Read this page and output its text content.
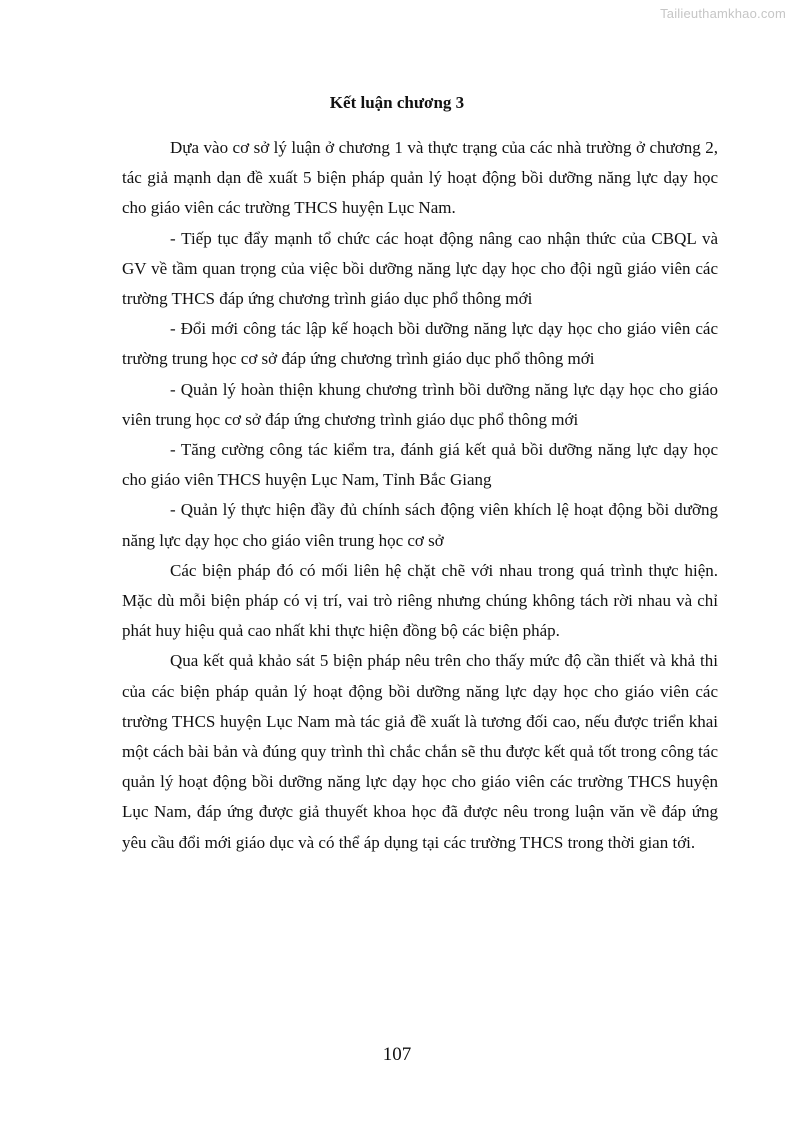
Tailieuthamkhao.com
Kết luận chương 3

Dựa vào cơ sở lý luận ở chương 1 và thực trạng của các nhà trường ở chương 2, tác giả mạnh dạn đề xuất 5 biện pháp quản lý hoạt động bồi dưỡng năng lực dạy học cho giáo viên các trường THCS huyện Lục Nam.

- Tiếp tục đẩy mạnh tổ chức các hoạt động nâng cao nhận thức của CBQL và GV về tầm quan trọng của việc bồi dưỡng năng lực dạy học cho đội ngũ giáo viên các trường THCS đáp ứng chương trình giáo dục phổ thông mới

- Đổi mới công tác lập kế hoạch bồi dưỡng năng lực dạy học cho giáo viên các trường trung học cơ sở đáp ứng chương trình giáo dục phổ thông mới

- Quản lý hoàn thiện khung chương trình bồi dưỡng năng lực dạy học cho giáo viên trung học cơ sở đáp ứng chương trình giáo dục phổ thông mới

- Tăng cường công tác kiểm tra, đánh giá kết quả bồi dưỡng năng lực dạy học cho giáo viên THCS huyện Lục Nam, Tỉnh Bắc Giang

- Quản lý thực hiện đầy đủ chính sách động viên khích lệ hoạt động bồi dưỡng năng lực dạy học cho giáo viên trung học cơ sở

Các biện pháp đó có mối liên hệ chặt chẽ với nhau trong quá trình thực hiện. Mặc dù mỗi biện pháp có vị trí, vai trò riêng nhưng chúng không tách rời nhau và chỉ phát huy hiệu quả cao nhất khi thực hiện đồng bộ các biện pháp.

Qua kết quả khảo sát 5 biện pháp nêu trên cho thấy mức độ cần thiết và khả thi của các biện pháp quản lý hoạt động bồi dưỡng năng lực dạy học cho giáo viên các trường THCS huyện Lục Nam mà tác giả đề xuất là tương đối cao, nếu được triển khai một cách bài bản và đúng quy trình thì chắc chắn sẽ thu được kết quả tốt trong công tác quản lý hoạt động bồi dưỡng năng lực dạy học cho giáo viên các trường THCS huyện Lục Nam, đáp ứng được giả thuyết khoa học đã được nêu trong luận văn về đáp ứng yêu cầu đổi mới giáo dục và có thể áp dụng tại các trường THCS trong thời gian tới.

107
